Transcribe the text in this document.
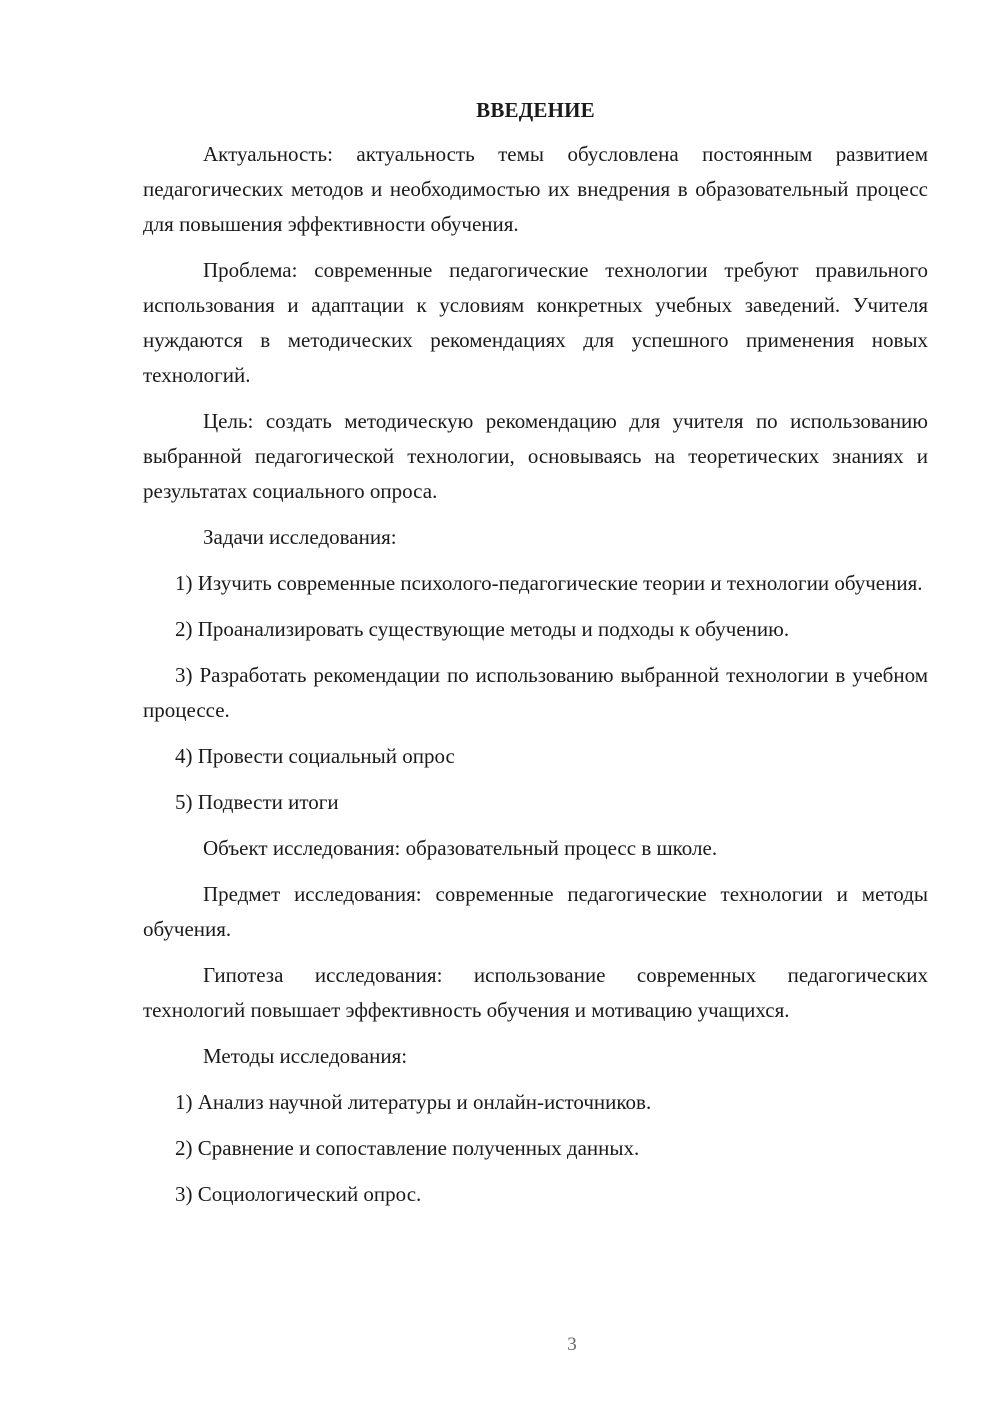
ВВЕДЕНИЕ

Актуальность: актуальность темы обусловлена постоянным развитием педагогических методов и необходимостью их внедрения в образовательный процесс для повышения эффективности обучения.

Проблема: современные педагогические технологии требуют правильного использования и адаптации к условиям конкретных учебных заведений. Учителя нуждаются в методических рекомендациях для успешного применения новых технологий.

Цель: создать методическую рекомендацию для учителя по использованию выбранной педагогической технологии, основываясь на теоретических знаниях и результатах социального опроса.

Задачи исследования:

1) Изучить современные психолого-педагогические теории и технологии обучения.

2) Проанализировать существующие методы и подходы к обучению.

3) Разработать рекомендации по использованию выбранной технологии в учебном процессе.

4) Провести социальный опрос

5) Подвести итоги

Объект исследования: образовательный процесс в школе.

Предмет исследования: современные педагогические технологии и методы обучения.

Гипотеза исследования: использование современных педагогических технологий повышает эффективность обучения и мотивацию учащихся.

Методы исследования:

1) Анализ научной литературы и онлайн-источников.

2) Сравнение и сопоставление полученных данных.

3) Социологический опрос.

3
